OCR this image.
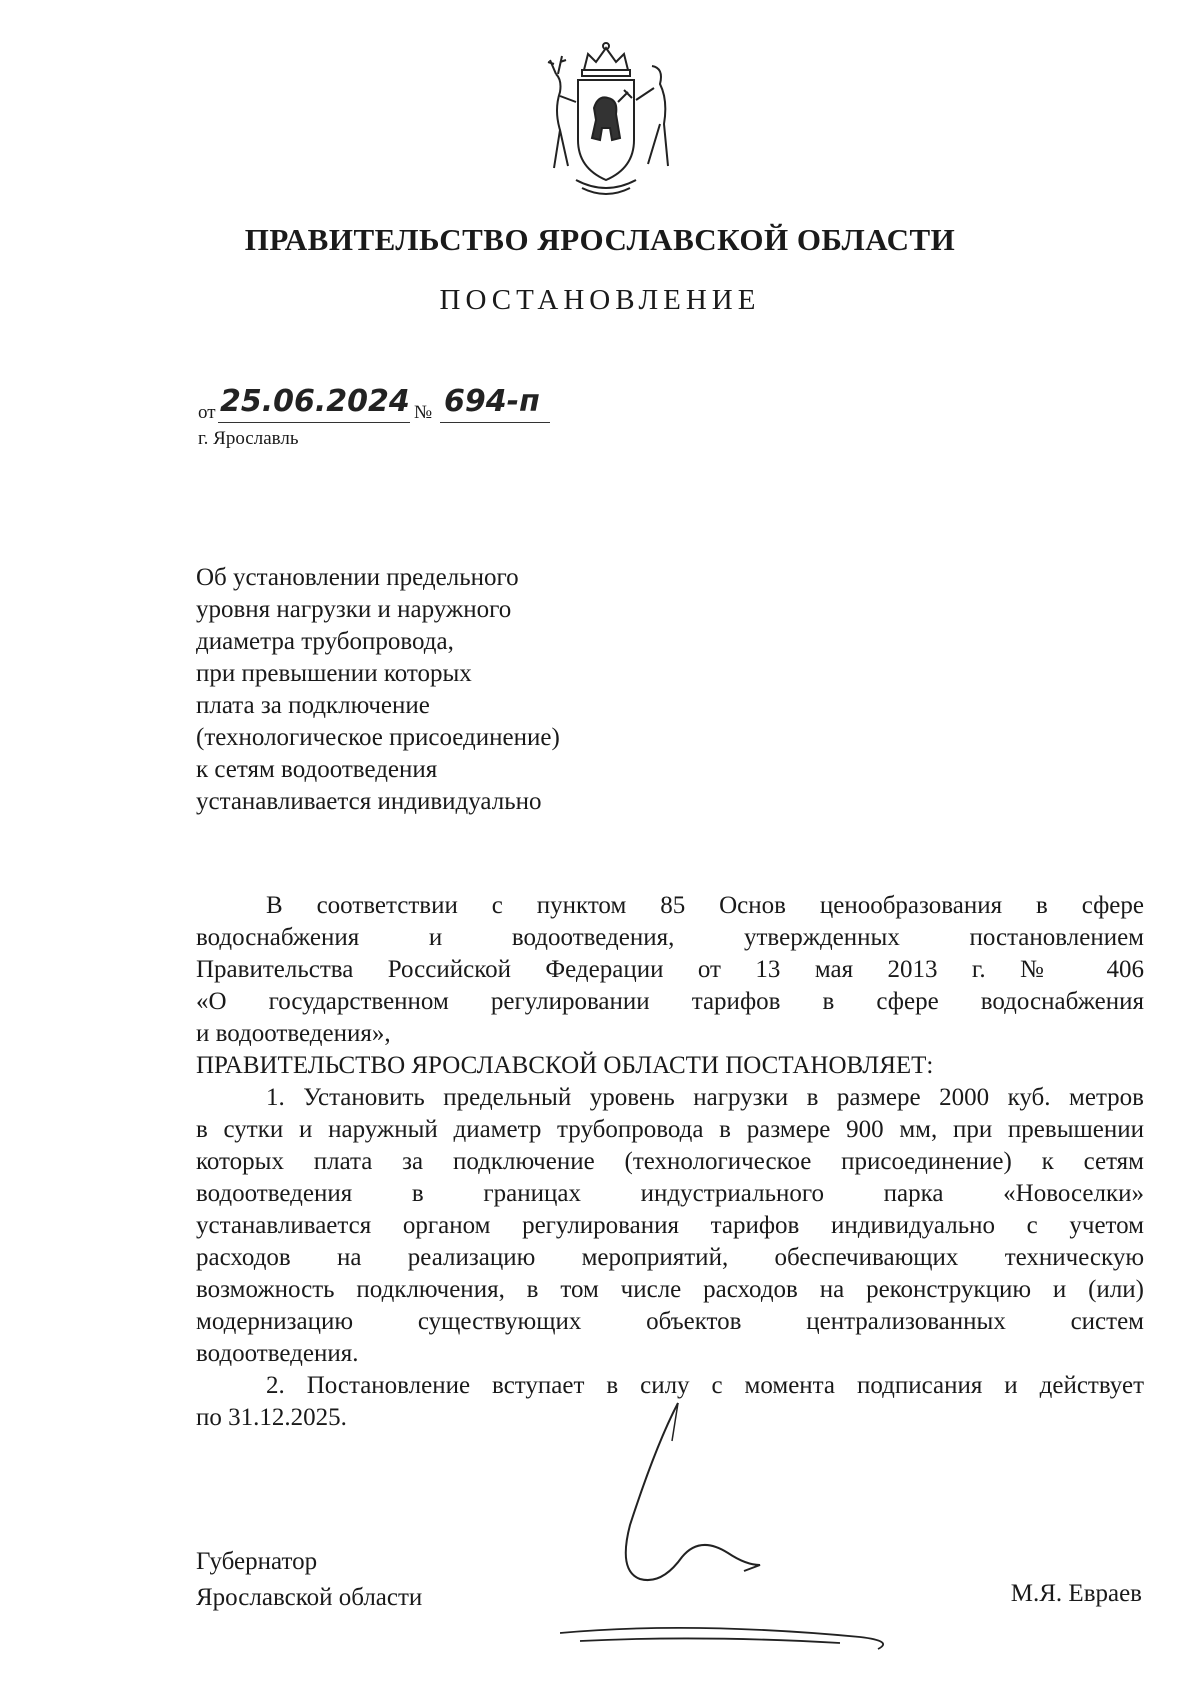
ПРАВИТЕЛЬСТВО ЯРОСЛАВСКОЙ ОБЛАСТИ
ПОСТАНОВЛЕНИЕ
от 25.06.2024 № 694-п
г. Ярославль
Об установлении предельного
уровня нагрузки и наружного
диаметра трубопровода,
при превышении которых
плата за подключение
(технологическое присоединение)
к сетям водоотведения
устанавливается индивидуально
В соответствии с пунктом 85 Основ ценообразования в сфере
водоснабжения и водоотведения, утвержденных постановлением
Правительства Российской Федерации от 13 мая 2013 г. № 406
«О государственном регулировании тарифов в сфере водоснабжения
и водоотведения»,
ПРАВИТЕЛЬСТВО ЯРОСЛАВСКОЙ ОБЛАСТИ ПОСТАНОВЛЯЕТ:
1. Установить предельный уровень нагрузки в размере 2000 куб. метров
в сутки и наружный диаметр трубопровода в размере 900 мм, при превышении
которых плата за подключение (технологическое присоединение) к сетям
водоотведения в границах индустриального парка «Новоселки»
устанавливается органом регулирования тарифов индивидуально с учетом
расходов на реализацию мероприятий, обеспечивающих техническую
возможность подключения, в том числе расходов на реконструкцию и (или)
модернизацию существующих объектов централизованных систем
водоотведения.
2. Постановление вступает в силу с момента подписания и действует
по 31.12.2025.
Губернатор
Ярославской области	М.Я. Евраев
